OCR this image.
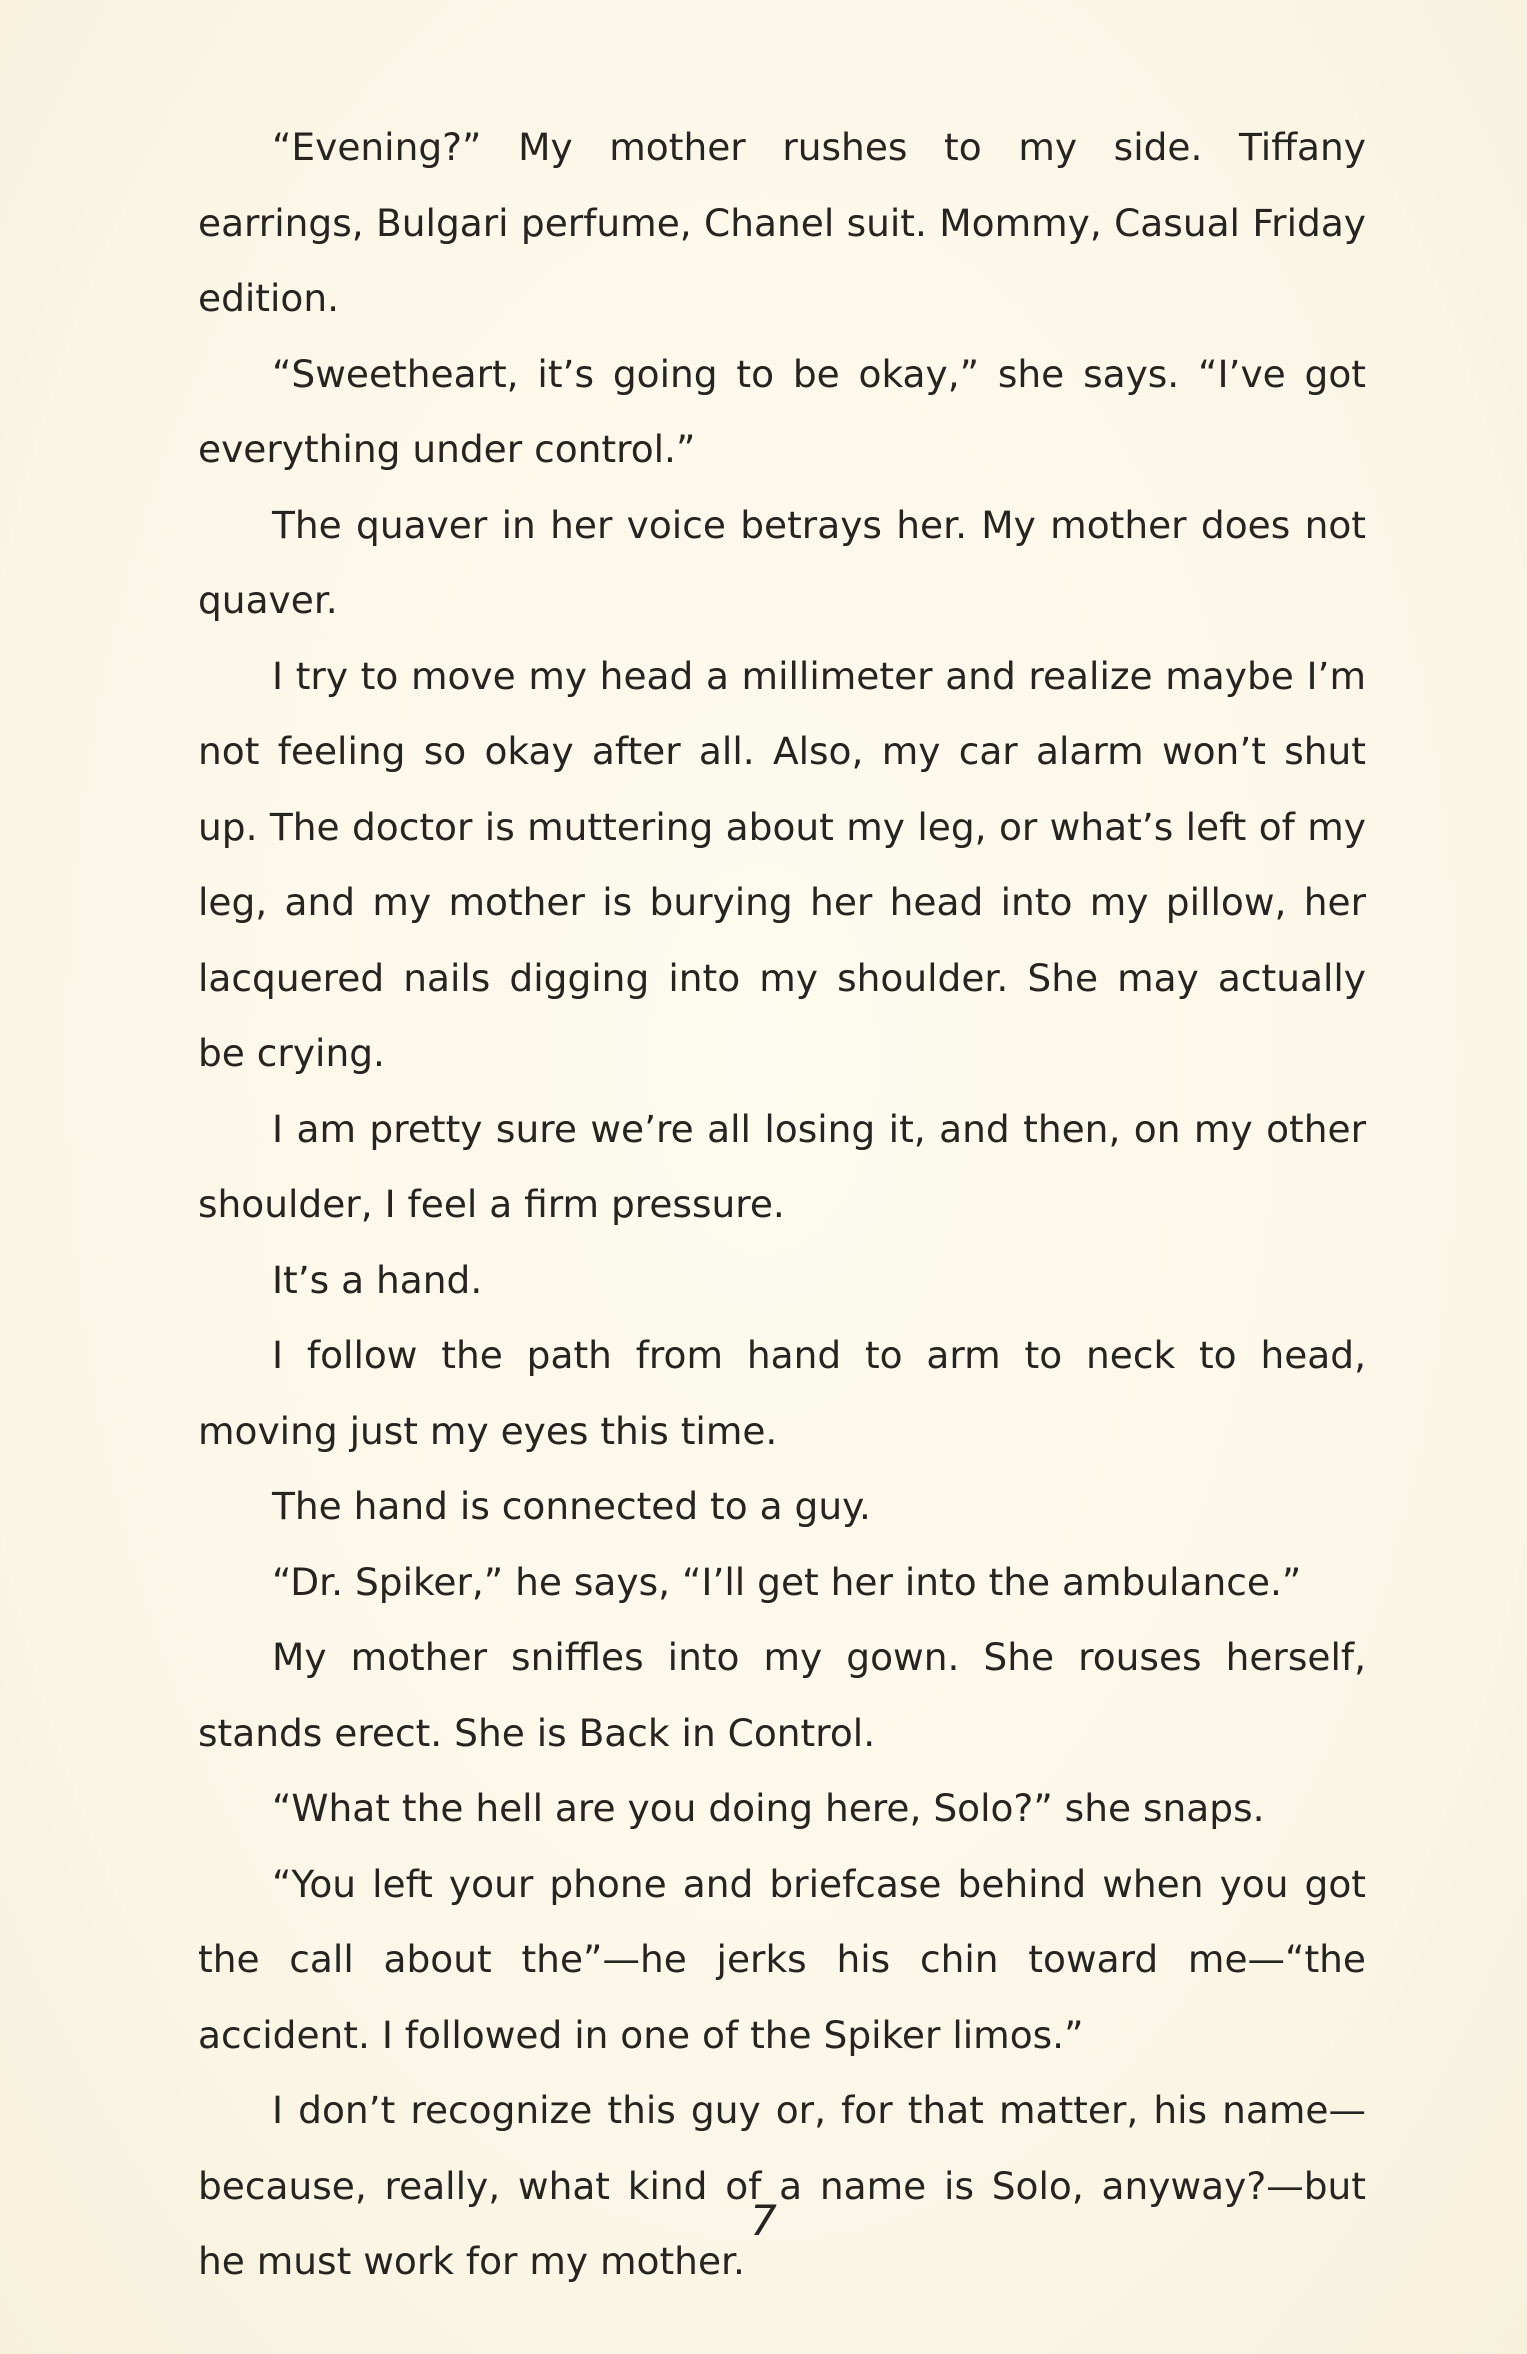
“Evening?” My mother rushes to my side. Tiffany earrings, Bulgari perfume, Chanel suit. Mommy, Casual Friday edition.

“Sweetheart, it’s going to be okay,” she says. “I’ve got everything under control.”

The quaver in her voice betrays her. My mother does not quaver.

I try to move my head a millimeter and realize maybe I’m not feeling so okay after all. Also, my car alarm won’t shut up. The doctor is muttering about my leg, or what’s left of my leg, and my mother is burying her head into my pillow, her lacquered nails digging into my shoulder. She may actually be crying.

I am pretty sure we’re all losing it, and then, on my other shoulder, I feel a firm pressure.

It’s a hand.

I follow the path from hand to arm to neck to head, moving just my eyes this time.

The hand is connected to a guy.

“Dr. Spiker,” he says, “I’ll get her into the ambulance.”

My mother sniffles into my gown. She rouses herself, stands erect. She is Back in Control.

“What the hell are you doing here, Solo?” she snaps.

“You left your phone and briefcase behind when you got the call about the”—he jerks his chin toward me—“the accident. I followed in one of the Spiker limos.”

I don’t recognize this guy or, for that matter, his name—because, really, what kind of a name is Solo, anyway?—but he must work for my mother.

7
